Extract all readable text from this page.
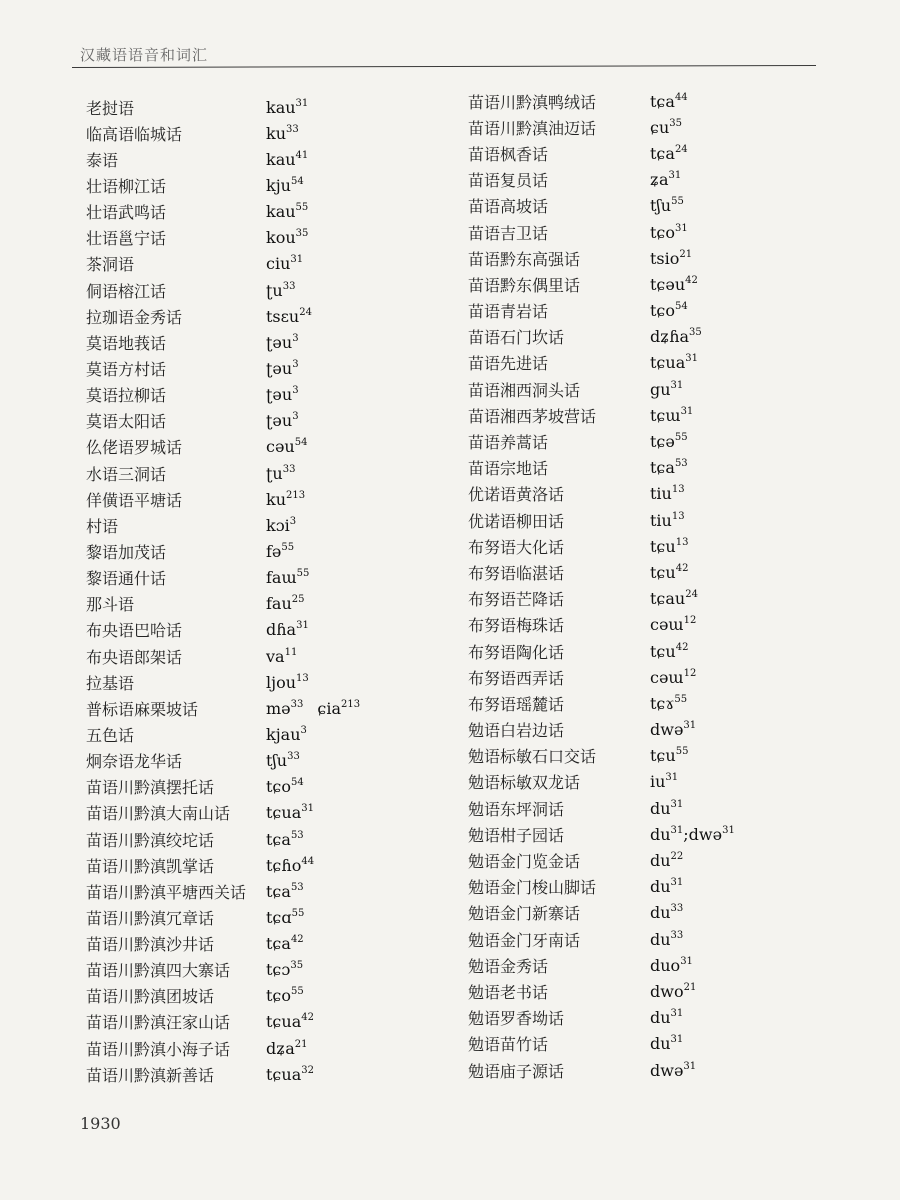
汉藏语语音和词汇
老挝语	kau$^{31}$
临高语临城话	$ku^{33}$
泰语	kau$^{41}$
壮语柳江话	kju$^{54}$
壮语武鸣话	kau$^{55}$
壮语邕宁话	kou$^{35}$
茶洞语	ciu$^{31}$
侗语榕江话	ʈu$^{33}$
拉珈语金秀话	tsɛu$^{24}$
莫语地莪话	ʈəu$^3$
莫语方村话	ʈəu$^3$
莫语拉柳话	ʈəu$^3$
莫语太阳话	ʈəu$^3$
仫佬语罗城话	cəu$^{54}$
水语三洞话	ʈu$^{33}$
佯僙语平塘话	$ku^{213}$
村语	kɔi$^3$
黎语加茂话	fə$^{55}$
黎语通什话	faɯ$^{55}$
那斗语	fau$^{25}$
布央语巴哈话	dɦa$^{31}$
布央语郎架话	$va^{11}$
拉基语	ljou$^{13}$
普标语麻栗坡话	mə$^{33}$ ɕia$^{213}$
五色话	kjau$^3$
炯奈语龙华话	tʃu$^{33}$
苗语川黔滇摆托话	tɕo$^{54}$
苗语川黔滇大南山话	tɕua$^{31}$
苗语川黔滇绞坨话	tɕa$^{53}$
苗语川黔滇凯掌话	tɕɦo$^{44}$
苗语川黔滇平塘西关话	tɕa$^{53}$
苗语川黔滇冗章话	tɕɑ$^{55}$
苗语川黔滇沙井话	tɕa$^{42}$
苗语川黔滇四大寨话	tɕɔ$^{35}$
苗语川黔滇团坡话	tɕo$^{55}$
苗语川黔滇汪家山话	tɕua$^{42}$
苗语川黔滇小海子话	dʑa$^{21}$
苗语川黔滇新善话	tɕua$^{32}$
苗语川黔滇鸭绒话	tɕa$^{44}$
苗语川黔滇油迈话	ɕu$^{35}$
苗语枫香话	tɕa$^{24}$
苗语复员话	ʑa$^{31}$
苗语高坡话	tʃu$^{55}$
苗语吉卫话	tɕo$^{31}$
苗语黔东高强话	tsio$^{21}$
苗语黔东偶里话	tɕəu$^{42}$
苗语青岩话	tɕo$^{54}$
苗语石门坎话	dʑɦa$^{35}$
苗语先进话	tɕua$^{31}$
苗语湘西洞头话	$gu^{31}$
苗语湘西茅坡营话	tɕɯ$^{31}$
苗语养蒿话	tɕə$^{55}$
苗语宗地话	tɕa$^{53}$
优诺语黄洛话	tiu$^{13}$
优诺语柳田话	tiu$^{13}$
布努语大化话	tɕu$^{13}$
布努语临湛话	tɕu$^{42}$
布努语芒降话	tɕau$^{24}$
布努语梅珠话	cəɯ$^{12}$
布努语陶化话	tɕu$^{42}$
布努语西弄话	cəɯ$^{12}$
布努语瑶麓话	tɕɤ$^{55}$
勉语白岩边话	dwə$^{31}$
勉语标敏石口交话	tɕu$^{55}$
勉语标敏双龙话	$iu^{31}$
勉语东坪洞话	$du^{31}$
勉语柑子园话	$du^{31};dwə^{31}$
勉语金门览金话	$du^{22}$
勉语金门梭山脚话	$du^{31}$
勉语金门新寨话	$du^{33}$
勉语金门牙南话	$du^{33}$
勉语金秀话	duo$^{31}$
勉语老书话	dwo$^{21}$
勉语罗香坳话	$du^{31}$
勉语苗竹话	$du^{31}$
勉语庙子源话	dwə$^{31}$
1930
